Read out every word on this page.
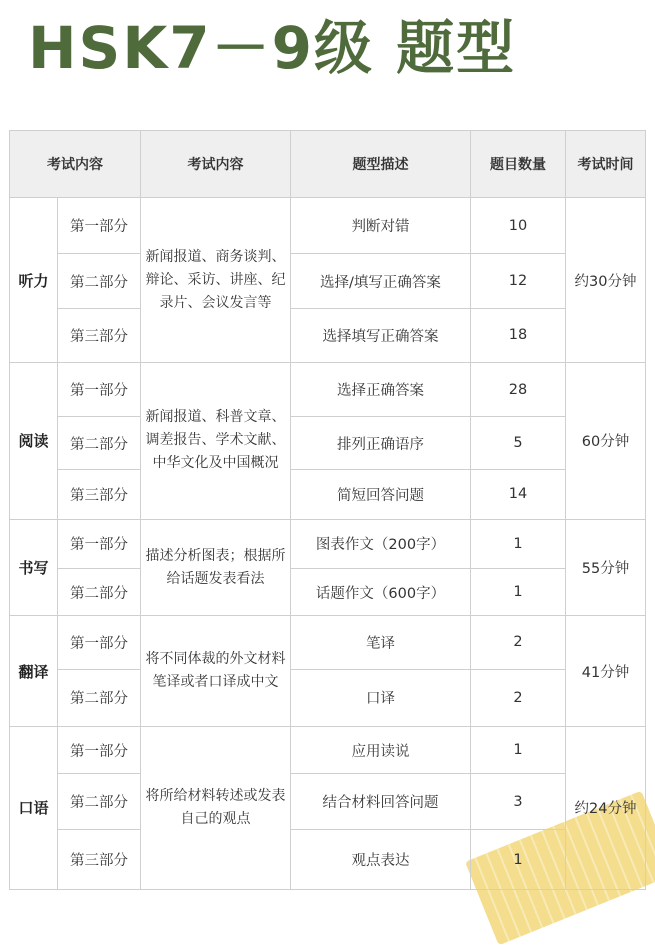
HSK7－9级 题型
考试内容		考试内容	题型描述	题目数量	考试时间
听力	第一部分	新闻报道、商务谈判、辩论、采访、讲座、纪录片、会议发言等	判断对错	10	约30分钟
	第二部分		选择/填写正确答案	12	
	第三部分		选择填写正确答案	18	
阅读	第一部分	新闻报道、科普文章、调差报告、学术文献、中华文化及中国概况	选择正确答案	28	60分钟
	第二部分		排列正确语序	5	
	第三部分		简短回答问题	14	
书写	第一部分	描述分析图表；根据所给话题发表看法	图表作文（200字）	1	55分钟
	第二部分		话题作文（600字）	1	
翻译	第一部分	将不同体裁的外文材料笔译或者口译成中文	笔译	2	41分钟
	第二部分		口译	2	
口语	第一部分	将所给材料转述或发表自己的观点	应用读说	1	约24分钟
	第二部分		结合材料回答问题	3	
	第三部分		观点表达	1	
